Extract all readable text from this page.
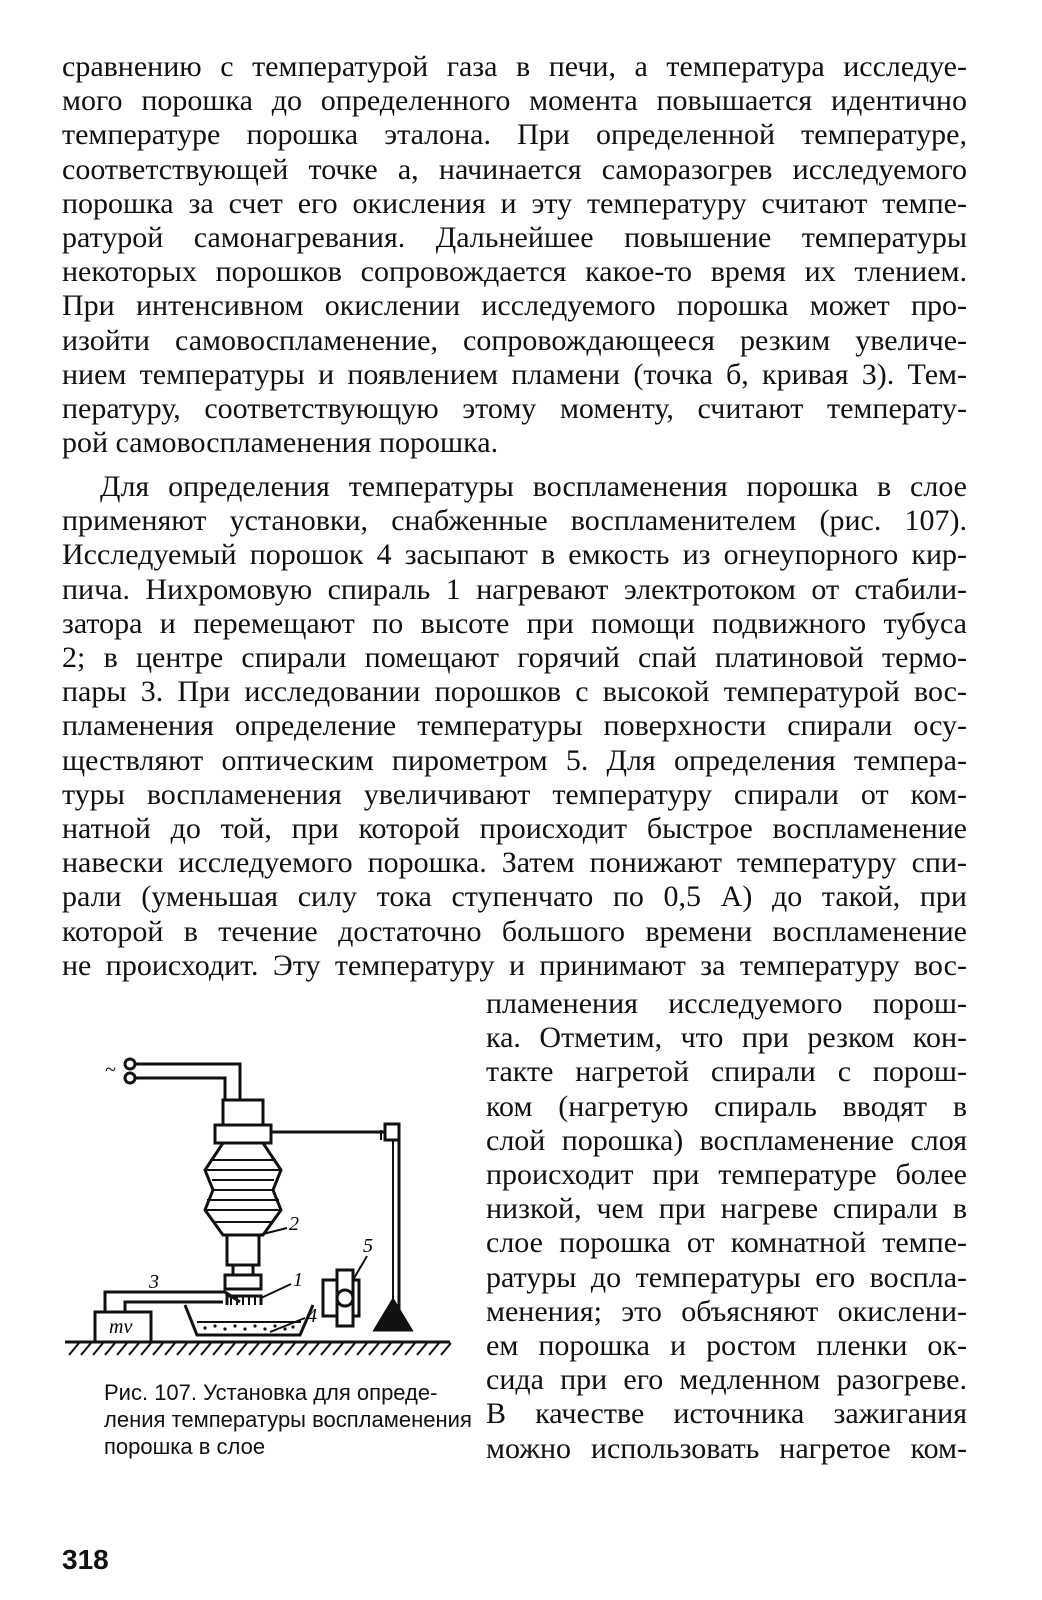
сравнению с температурой газа в печи, а температура исследуе-
мого порошка до определенного момента повышается идентично
температуре порошка эталона. При определенной температуре,
соответствующей точке а, начинается саморазогрев исследуемого
порошка за счет его окисления и эту температуру считают темпе-
ратурой самонагревания. Дальнейшее повышение температуры
некоторых порошков сопровождается какое-то время их тлением.
При интенсивном окислении исследуемого порошка может про-
изойти самовоспламенение, сопровождающееся резким увеличе-
нием температуры и появлением пламени (точка б, кривая 3). Тем-
пературу, соответствующую этому моменту, считают температу-
рой самовоспламенения порошка.
Для определения температуры воспламенения порошка в слое
применяют установки, снабженные воспламенителем (рис. 107).
Исследуемый порошок 4 засыпают в емкость из огнеупорного кир-
пича. Нихромовую спираль 1 нагревают электротоком от стабили-
затора и перемещают по высоте при помощи подвижного тубуса
2; в центре спирали помещают горячий спай платиновой термо-
пары 3. При исследовании порошков с высокой температурой вос-
пламенения определение температуры поверхности спирали осу-
ществляют оптическим пирометром 5. Для определения темпера-
туры воспламенения увеличивают температуру спирали от ком-
натной до той, при которой происходит быстрое воспламенение
навески исследуемого порошка. Затем понижают температуру спи-
рали (уменьшая силу тока ступенчато по 0,5 А) до такой, при
которой в течение достаточно большого времени воспламенение
не происходит. Эту температуру и принимают за температуру вос-
пламенения исследуемого порош-
ка. Отметим, что при резком кон-
такте нагретой спирали с порош-
ком (нагретую спираль вводят в
слой порошка) воспламенение слоя
происходит при температуре более
низкой, чем при нагреве спирали в
слое порошка от комнатной темпе-
ратуры до температуры его воспла-
менения; это объясняют окислени-
ем порошка и ростом пленки ок-
сида при его медленном разогреве.
В качестве источника зажигания
можно использовать нагретое ком-
~
2
1
3
4
5
mv
Рис. 107. Установка для опреде-
ления температуры воспламенения
порошка в слое
318
